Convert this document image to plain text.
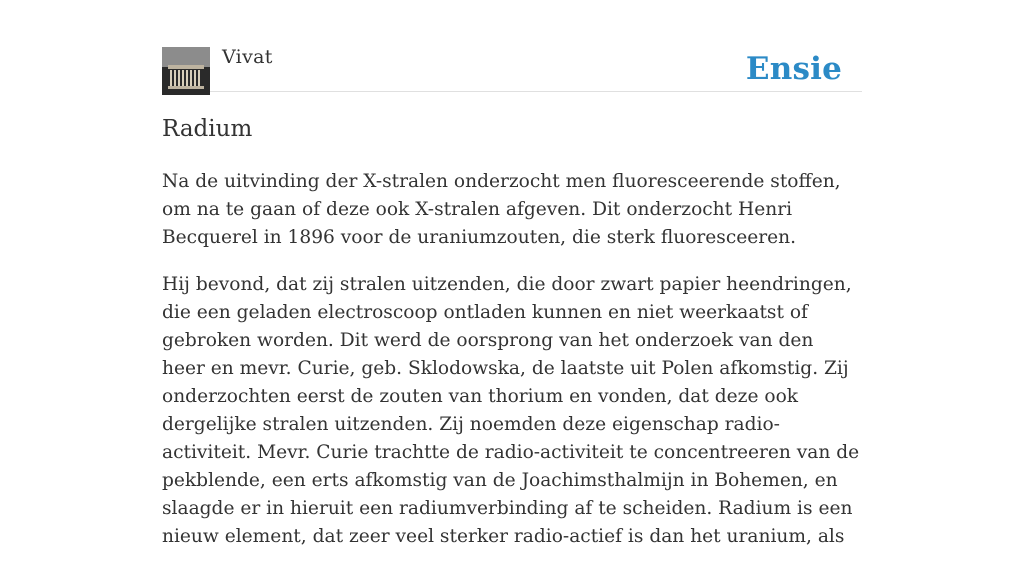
Vivat	Ensie
Radium

Na de uitvinding der X-stralen onderzocht men fluoresceerende stoffen, om na te gaan of deze ook X-stralen afgeven. Dit onderzocht Henri Becquerel in 1896 voor de uraniumzouten, die sterk fluoresceeren.

Hij bevond, dat zij stralen uitzenden, die door zwart papier heendringen, die een geladen electroscoop ontladen kunnen en niet weerkaatst of gebroken worden. Dit werd de oorsprong van het onderzoek van den heer en mevr. Curie, geb. Sklodowska, de laatste uit Polen afkomstig. Zij onderzochten eerst de zouten van thorium en vonden, dat deze ook dergelijke stralen uitzenden. Zij noemden deze eigenschap radio-activiteit. Mevr. Curie trachtte de radio-activiteit te concentreeren van de pekblende, een erts afkomstig van de Joachimsthalmijn in Bohemen, en slaagde er in hieruit een radiumverbinding af te scheiden. Radium is een nieuw element, dat zeer veel sterker radio-actief is dan het uranium, als
